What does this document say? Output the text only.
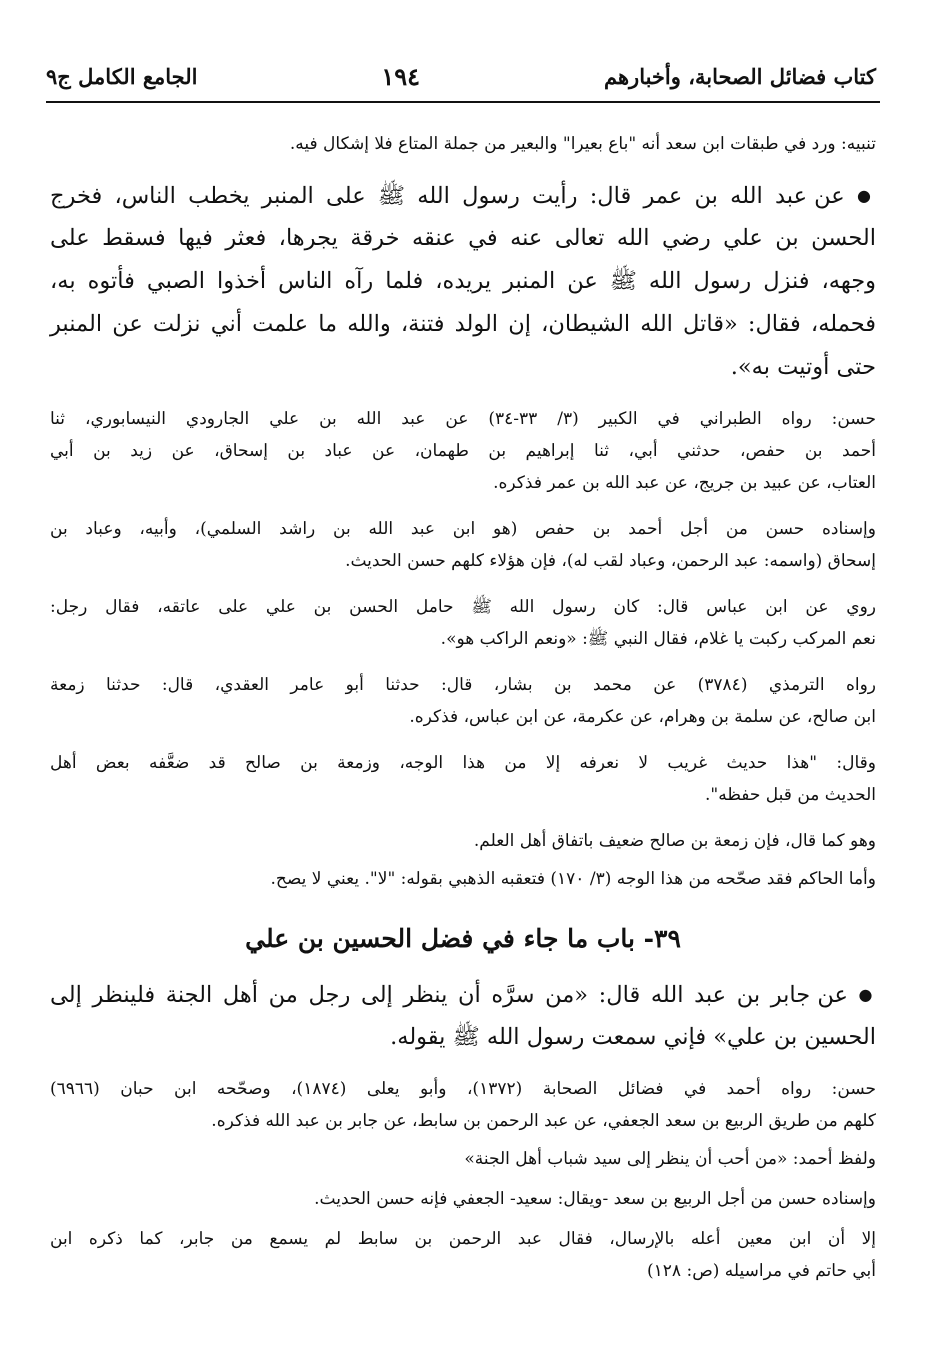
كتاب فضائل الصحابة، وأخبارهم
١٩٤
الجامع الكامل ج٩
تنبيه: ورد في طبقات ابن سعد أنه "باع بعيرا" والبعير من جملة المتاع فلا إشكال فيه.
● عن عبد الله بن عمر قال: رأيت رسول الله ﷺ على المنبر يخطب الناس، فخرج
الحسن بن علي رضي الله تعالى عنه في عنقه خرقة يجرها، فعثر فيها فسقط على
وجهه، فنزل رسول الله ﷺ عن المنبر يريده، فلما رآه الناس أخذوا الصبي فأتوه به،
فحمله، فقال: «قاتل الله الشيطان، إن الولد فتنة، والله ما علمت أني نزلت عن المنبر
حتى أوتيت به».
حسن: رواه الطبراني في الكبير (٣/ ٣٣-٣٤) عن عبد الله بن علي الجارودي النيسابوري، ثنا
أحمد بن حفص، حدثني أبي، ثنا إبراهيم بن طهمان، عن عباد بن إسحاق، عن زيد بن أبي
العتاب، عن عبيد بن جريج، عن عبد الله بن عمر فذكره.
وإسناده حسن من أجل أحمد بن حفص (هو ابن عبد الله بن راشد السلمي)، وأبيه، وعباد بن
إسحاق (واسمه: عبد الرحمن، وعباد لقب له)، فإن هؤلاء كلهم حسن الحديث.
روي عن ابن عباس قال: كان رسول الله ﷺ حامل الحسن بن علي على عاتقه، فقال رجل:
نعم المركب ركبت يا غلام، فقال النبي ﷺ: «ونعم الراكب هو».
رواه الترمذي (٣٧٨٤) عن محمد بن بشار، قال: حدثنا أبو عامر العقدي، قال: حدثنا زمعة
ابن صالح، عن سلمة بن وهرام، عن عكرمة، عن ابن عباس، فذكره.
وقال: "هذا حديث غريب لا نعرفه إلا من هذا الوجه، وزمعة بن صالح قد ضعَّفه بعض أهل
الحديث من قبل حفظه".
وهو كما قال، فإن زمعة بن صالح ضعيف باتفاق أهل العلم.
وأما الحاكم فقد صحّحه من هذا الوجه (٣/ ١٧٠) فتعقبه الذهبي بقوله: "لا". يعني لا يصح.
٣٩- باب ما جاء في فضل الحسين بن علي
● عن جابر بن عبد الله قال: «من سرَّه أن ينظر إلى رجل من أهل الجنة فلينظر إلى
الحسين بن علي» فإني سمعت رسول الله ﷺ يقوله.
حسن: رواه أحمد في فضائل الصحابة (١٣٧٢)، وأبو يعلى (١٨٧٤)، وصحّحه ابن حبان (٦٩٦٦)
كلهم من طريق الربيع بن سعد الجعفي، عن عبد الرحمن بن سابط، عن جابر بن عبد الله فذكره.
ولفظ أحمد: «من أحب أن ينظر إلى سيد شباب أهل الجنة»
وإسناده حسن من أجل الربيع بن سعد -ويقال: سعيد- الجعفي فإنه حسن الحديث.
إلا أن ابن معين أعله بالإرسال، فقال عبد الرحمن بن سابط لم يسمع من جابر، كما ذكره ابن
أبي حاتم في مراسيله (ص: ١٢٨)
